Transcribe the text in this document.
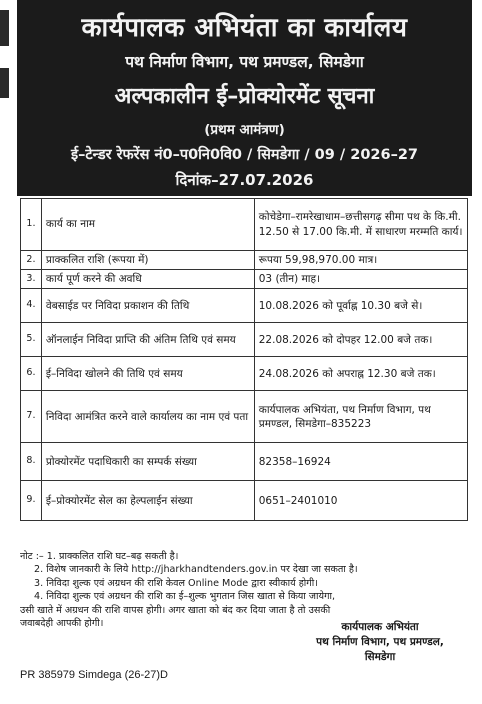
कार्यपालक अभियंता का कार्यालय
पथ निर्माण विभाग, पथ प्रमण्डल, सिमडेगा
अल्पकालीन ई–प्रोक्योरमेंट सूचना
(प्रथम आमंत्रण)
ई–टेन्डर रेफरेंस नं0–प0नि0वि0 / सिमडेगा / 09 / 2026–27
दिनांक–27.07.2026
1.	कार्य का नाम	कोचेडेगा–रामरेखाधाम–छत्तीसगढ़ सीमा पथ के कि.मी. 12.50 से 17.00 कि.मी. में साधारण मरम्मति कार्य।
2.	प्राक्कलित राशि (रूपया में)	रूपया 59,98,970.00 मात्र।
3.	कार्य पूर्ण करने की अवधि	03 (तीन) माह।
4.	वेबसाईड पर निविदा प्रकाशन की तिथि	10.08.2026 को पूर्वाह्न 10.30 बजे से।
5.	ऑनलाईन निविदा प्राप्ति की अंतिम तिथि एवं समय	22.08.2026 को दोपहर 12.00 बजे तक।
6.	ई–निविदा खोलने की तिथि एवं समय	24.08.2026 को अपराह्न 12.30 बजे तक।
7.	निविदा आमंत्रित करने वाले कार्यालय का नाम एवं पता	कार्यपालक अभियंता, पथ निर्माण विभाग, पथ प्रमण्डल, सिमडेगा–835223
8.	प्रोक्योरमेंट पदाधिकारी का सम्पर्क संख्या	82358–16924
9.	ई–प्रोक्योरमेंट सेल का हेल्पलाईन संख्या	0651–2401010
नोट :– 1. प्राक्कलित राशि घट–बढ़ सकती है।
2. विशेष जानकारी के लिये http://jharkhandtenders.gov.in पर देखा जा सकता है।
3. निविदा शुल्क एवं अग्रधन की राशि केवल Online Mode द्वारा स्वीकार्य होगी।
4. निविदा शुल्क एवं अग्रधन की राशि का ई–शुल्क भुगतान जिस खाता से किया जायेगा,
उसी खाते में अग्रधन की राशि वापस होगी। अगर खाता को बंद कर दिया जाता है तो उसकी
जवाबदेही आपकी होगी।	कार्यपालक अभियंता
पथ निर्माण विभाग, पथ प्रमण्डल,
सिमडेगा
PR 385979 Simdega (26-27)D
